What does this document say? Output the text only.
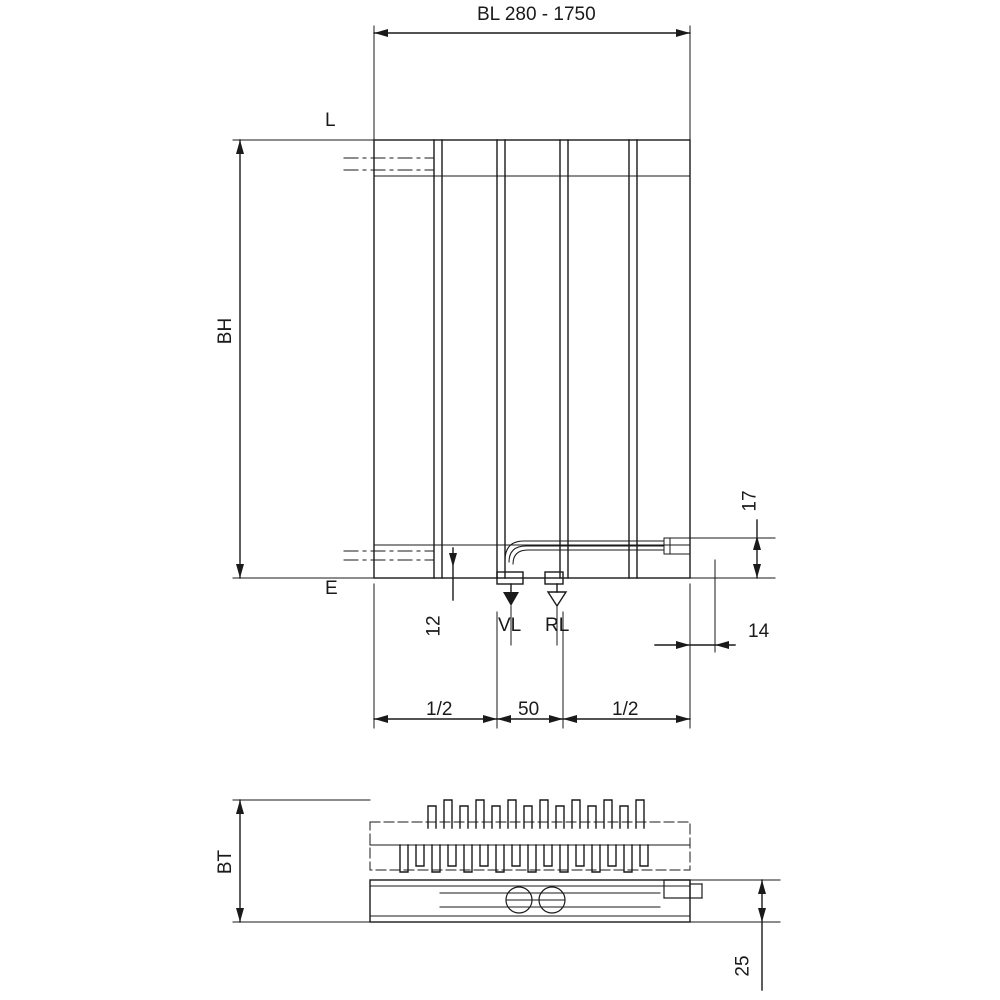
BL 280 - 1750
BH
L
E
12
17
14
VL RL
1/2	50	1/2
BT
25
